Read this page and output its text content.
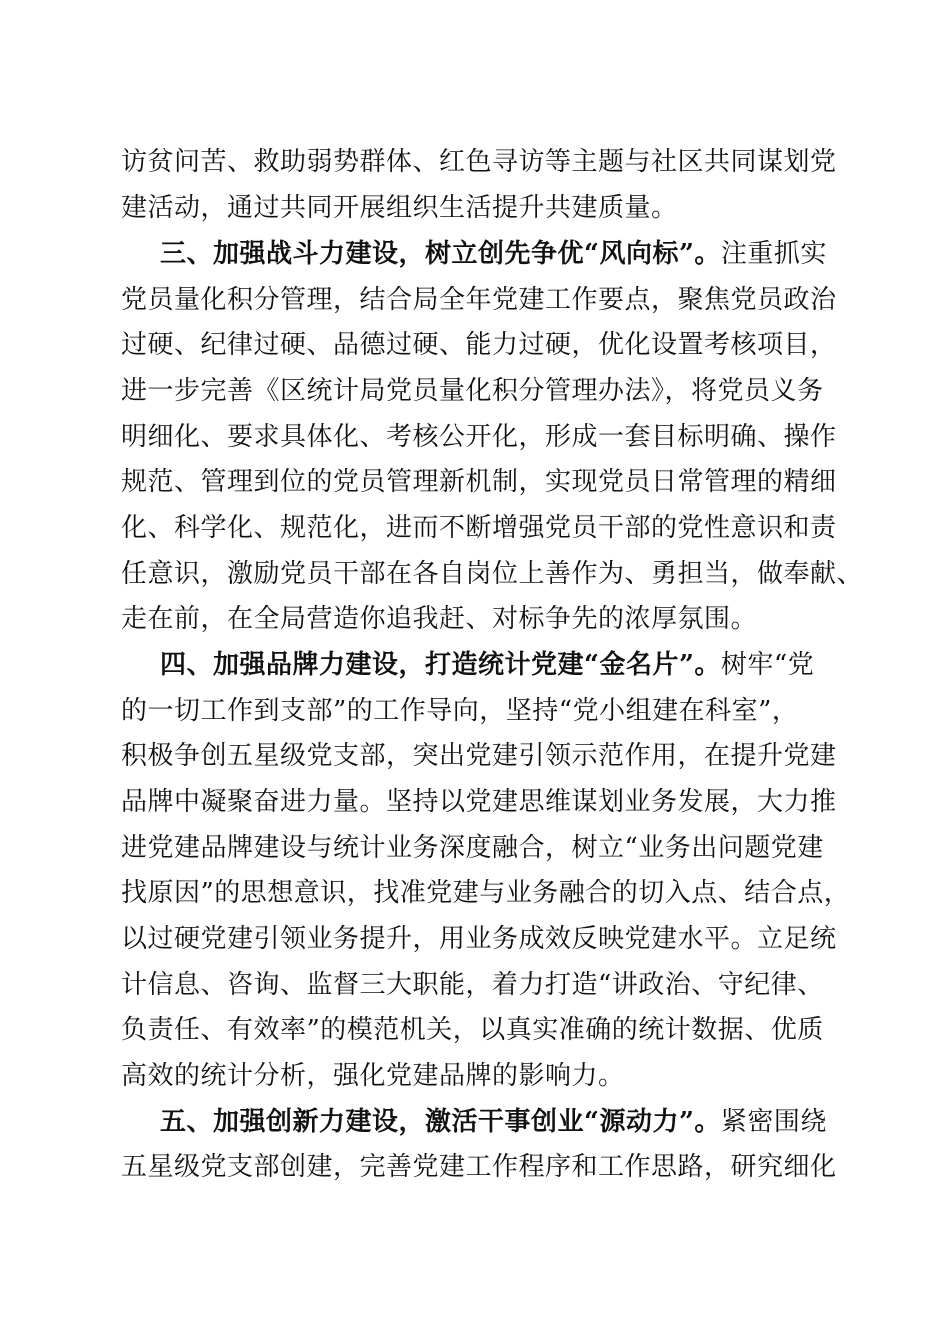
访贫问苦、救助弱势群体、红色寻访等主题与社区共同谋划党
建活动，通过共同开展组织生活提升共建质量。
三、加强战斗力建设，树立创先争优“风向标”。注重抓实
党员量化积分管理，结合局全年党建工作要点，聚焦党员政治
过硬、纪律过硬、品德过硬、能力过硬，优化设置考核项目，
进一步完善《区统计局党员量化积分管理办法》，将党员义务
明细化、要求具体化、考核公开化，形成一套目标明确、操作
规范、管理到位的党员管理新机制，实现党员日常管理的精细
化、科学化、规范化，进而不断增强党员干部的党性意识和责
任意识，激励党员干部在各自岗位上善作为、勇担当，做奉献、
走在前，在全局营造你追我赶、对标争先的浓厚氛围。
四、加强品牌力建设，打造统计党建“金名片”。树牢“党
的一切工作到支部”的工作导向，坚持“党小组建在科室”，
积极争创五星级党支部，突出党建引领示范作用，在提升党建
品牌中凝聚奋进力量。坚持以党建思维谋划业务发展，大力推
进党建品牌建设与统计业务深度融合，树立“业务出问题党建
找原因”的思想意识，找准党建与业务融合的切入点、结合点，
以过硬党建引领业务提升，用业务成效反映党建水平。立足统
计信息、咨询、监督三大职能，着力打造“讲政治、守纪律、
负责任、有效率”的模范机关，以真实准确的统计数据、优质
高效的统计分析，强化党建品牌的影响力。
五、加强创新力建设，激活干事创业“源动力”。紧密围绕
五星级党支部创建，完善党建工作程序和工作思路，研究细化
